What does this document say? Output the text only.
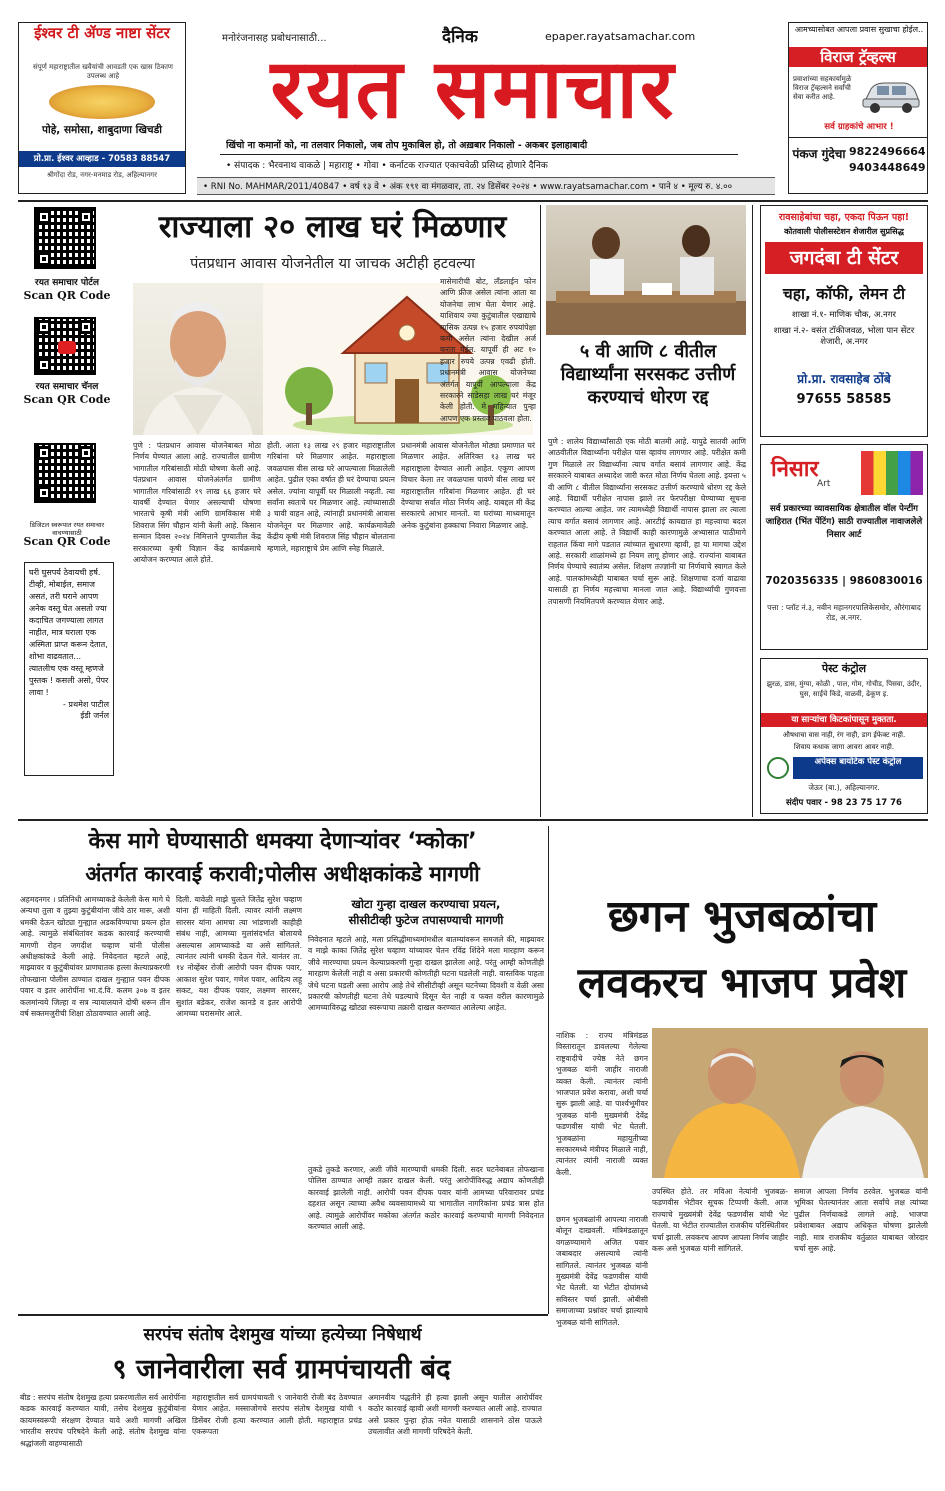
ईश्वर टी ॲण्ड नाष्टा सेंटर
संपूर्ण महाराष्ट्रातील खवैयांची आवडती एक खास ठिकाण उपलब्ध आहे
पोहे, समोसा, शाबुदाणा खिचडी
प्रो.प्रा. ईश्वर आव्हाड - 70583 88547
श्रीगोंदा रोड, नगर-मनमाड रोड, अहिल्यानगर
मनोरंजनासह प्रबोधनासाठी...	दैनिक	epaper.rayatsamachar.com
रयत समाचार
खिंचो ना कमानों को, ना तलवार निकालो, जब तोप मुकाबिल हो, तो अख़बार निकालो - अकबर इलाहाबादी
• संपादक : भैरवनाथ वाकळे | महाराष्ट्र • गोवा • कर्नाटक राज्यात एकाचवेळी प्रसिध्द होणारे दैनिक
• RNI No. MAHMAR/2011/40847 • वर्ष १३ वे • अंक १९१ वा मंगळवार, ता. २४ डिसेंबर २०२४ • www.rayatsamachar.com • पाने ४ • मूल्य रु. ४.००
आमच्यासोबत आपला प्रवास सुखाचा होईल..
विराज ट्रॅव्हल्स
प्रवाशांच्या सहकार्यामुळे विराज ट्रॅव्हल्सने सर्वांची सेवा करीत आहे.
सर्व ग्राहकांचे आभार !
पंकज गुंदेचा 9822496664
9403448649
रयत समाचार पोर्टल
Scan QR Code
रयत समाचार चॅनल
Scan QR Code
डिजिटल स्वरूपात रयत समाचार वाचण्यासाठी
Scan QR Code
घरी घुसपर्य ठेवायची हर्ष. टीव्ही, मोबाईल, समाज असतं, तरी घराने आपण अनेक वस्तू घेत असतो ज्या कदाचित जगण्याला लागत नाहीत, मात्र घराला एक अस्मिता प्राप्त करून देतात, शोभा वाढवतात... त्यातलीच एक वस्तू म्हणजे पुस्तक ! कसली असो, पेपर लावा !
- प्रथमेश पाटील
ईडी जर्नल
राज्याला २० लाख घरं मिळणार
पंतप्रधान आवास योजनेतील या जाचक अटीही हटवल्या
मासेमारीची बोट, लँडलाईन फोन आणि फ्रीज असेल त्यांना आता या योजनेचा लाभ घेता येणार आहे. याशिवाय ज्या कुटुंबातील एखाद्याचे मासिक उत्पन्न १५ हजार रुपयांपेक्षा कमी असेल त्यांना देखील अर्ज करता येईल. यापूर्वी ही अट १० हजार रुपये उत्पन्न एवढी होती. प्रधानमंत्री आवास योजनेच्या अंतर्गत यापूर्वी आपल्याला केंद्र सरकारने साडेसहा लाख घरं मंजूर केली होती. मे महिन्यात पुन्हा आपण एक प्रस्ताव पाठवला होता.
पुणे : पंतप्रधान आवास योजनेबाबत मोठा निर्णय घेण्यात आला आहे. राज्यातील ग्रामीण भागातील गरिबांसाठी मोठी घोषणा केली आहे. पंतप्रधान आवास योजनेअंतर्गत ग्रामीण भागातील गरिबांसाठी १९ लाख ६६ हजार घरे यावर्षी देण्यात येणार असल्याची घोषणा भारताचे कृषी मंत्री आणि ग्रामविकास मंत्री शिवराज सिंग चौहान यांनी केली आहे. किसान सन्मान दिवस २०२४ निमित्ताने पुण्यातील केंद्र सरकारच्या कृषी विज्ञान केंद्र कार्यक्रमाचे आयोजन करण्यात आले होते.
होती. आता १३ लाख २९ हजार महाराष्ट्रातील गरिबांना घरे मिळणार आहेत. महाराष्ट्राला जवळपास वीस लाख घरे आपल्याला मिळालेली आहेत. पुढील एका वर्षात ही घरं देण्याचा प्रयत्न असेल. ज्यांना यापूर्वी घर मिळाली नव्हती. त्या सर्वांना स्वतःचे घर मिळणार आहे. त्यांच्यासाठी ३ चावी वाहन आहे, त्यांनाही प्रधानमंत्री आवास योजनेतून घर मिळणार आहे. कार्यक्रमावेळी केंद्रीय कृषी मंत्री शिवराज सिंह चौहान बोलताना म्हणाले, महाराष्ट्राचे प्रेम आणि स्नेह मिळाले.
प्रधानमंत्री आवास योजनेतील मोठ्या प्रमाणात घरं मिळणार आहेत. अतिरिक्त १३ लाख घरं महाराष्ट्राला देण्यात आली आहेत. एकूण आपण विचार केला तर जवळपास पावणे वीस लाख घरं महाराष्ट्रातील गरिबांना मिळणार आहेत. ही घरं देण्याचा सर्वात मोठा निर्णय आहे. याबद्दल मी केंद्र सरकारचे आभार मानतो. या घरांच्या माध्यमातून अनेक कुटुंबांना हक्काचा निवारा मिळणार आहे.
५ वी आणि ८ वीतील विद्यार्थ्यांना सरसकट उत्तीर्ण करण्याचं धोरण रद्द
पुणे : शालेय विद्यार्थ्यांसाठी एक मोठी बातमी आहे. यापुढे सातवी आणि आठवीतील विद्यार्थ्यांना परीक्षेत पास व्हावंच लागणार आहे. परीक्षेत कमी गुण मिळाले तर विद्यार्थ्यांना त्याच वर्गात बसावं लागणार आहे. केंद्र सरकारने याबाबत अध्यादेश जारी करत मोठा निर्णय घेतला आहे. इयत्ता ५ वी आणि ८ वीतील विद्यार्थ्यांना सरसकट उत्तीर्ण करण्याचे धोरण रद्द केले आहे. विद्यार्थी परीक्षेत नापास झाले तर फेरपरीक्षा घेण्याच्या सूचना करण्यात आल्या आहेत. जर त्यामध्येही विद्यार्थी नापास झाला तर त्याला त्याच वर्गात बसावं लागणार आहे. आरटीई कायद्यात हा महत्त्वाचा बदल करण्यात आला आहे. ते विद्यार्थी काही कारणामुळे अभ्यासात पाठीमागे राहतात किंवा मागे पडतात त्यांच्यात सुधारणा व्हावी, हा या मागचा उद्देश आहे. सरकारी शाळांमध्ये हा नियम लागू होणार आहे. राज्यांना याबाबत निर्णय घेण्याचे स्वातंत्र्य असेल. शिक्षण तज्ज्ञांनी या निर्णयाचे स्वागत केले आहे. पालकांमध्येही याबाबत चर्चा सुरू आहे. शिक्षणाचा दर्जा वाढावा यासाठी हा निर्णय महत्त्वाचा मानला जात आहे. विद्यार्थ्यांची गुणवत्ता तपासणी नियमितपणे करण्यात येणार आहे.
रावसाहेबांचा चहा, एकदा पिऊन पहा!
कोतवाली पोलीसस्टेशन शेजारील सुप्रसिद्ध
जगदंबा टी सेंटर
चहा, कॉफी, लेमन टी
शाखा नं.१- माणिक चौक, अ.नगर
शाखा नं.२- वसंत टॉकीजवळ, भोला पान सेंटर शेजारी, अ.नगर
प्रो.प्रा. रावसाहेब ठोंबे
97655 58585
निसार
Art
सर्व प्रकारच्या व्यावसायिक क्षेत्रातील वॉल पेन्टींग जाहिरात (भिंत पेंटिंग) साठी राज्यातील नावाजलेले निसार आर्ट
7020356335 | 9860830016
पत्ता : प्लॉट नं.३, नवीन महानगरपालिकेसमोर, औरंगाबाद रोड, अ.नगर.
पेस्ट कंट्रोल
झुरळ, डास, मुंग्या, कोळी , पाल, गोम, गोचीड, पिसवा, उंदीर, घुस, साईंचे किडे, वाळवी, ढेकूण इ.
या सार्‍यांचा किटकांपासून मुक्तता.
औषधाचा वास नाही, रंग नाही, डाग ईफेक्ट नाही.
शिवाय कधाक जागा आवरा आवर नाही.
अपेक्स बायोटेक पेस्ट कंट्रोल
जेऊर (बा.), अहिल्यानगर.
संदीप पवार - 98 23 75 17 76
केस मागे घेण्यासाठी धमक्या देणाऱ्यांवर ‘म्कोका’
अंतर्गत कारवाई करावी;पोलीस अधीक्षकांकडे मागणी
अहमदनगर । प्रतिनिधी आमच्याकडे केलेली केस मागे घे अन्यथा तुला व तुझ्या कुटुंबीयांना जीवे ठार मारू, अशी धमकी देऊन खोट्या गुन्ह्यात अडकविण्याचा प्रयत्न होत आहे. त्यामुळे संबंधितांवर कडक कारवाई करण्याची मागणी रोहन जगदीश चव्हाण यांनी पोलीस अधीक्षकांकडे केली आहे. निवेदनात म्हटले आहे, माझ्यावर व कुटुंबीयांवर प्राणघातक हल्ला केल्याप्रकरणी तोफखाना पोलीस ठाण्यात दाखल गुन्ह्यात पवन दीपक पवार व इतर आरोपींना भा.दं.वि. कलम ३०७ व इतर कलमांन्वये जिल्हा व सत्र न्यायालयाने दोषी धरून तीन वर्ष सक्तमजुरीची शिक्षा ठोठावण्यात आली आहे.
दिली. यावेळी माझे चुलते जितेंद्र सुरेश चव्हाण यांना ही माहिती दिली. त्यावर त्यांनी लक्ष्मण सारसर यांना आमचा त्या भांडणाशी काहीही संबंध नाही, आमच्या मुलांसंदर्भात बोलायचे असल्यास आमच्याकडे या असे सांगितले. त्यानंतर त्यांनी धमकी देऊन गेले. यानंतर ता. १४ नोव्हेंबर रोजी आरोपी पवन दीपक पवार, आकाश सुरेश पवार, गणेश पवार, आदित्य लहू सकट, यश दीपक पवार, लक्ष्मण सारसर, सुशांत बडेकर, राजेश कानडे व इतर आरोपी आमच्या घरासमोर आले.
खोटा गुन्हा दाखल करण्याचा प्रयत्न,
सीसीटीव्ही फुटेज तपासण्याची मागणी
निवेदनात म्हटले आहे, मला प्रसिद्धीमाध्यमांमधील बातम्यांवरून समजले की, माझ्यावर व माझे काका जितेंद्र सुरेश चव्हाण यांच्यावर चेतन रविंद्र शिंदेने मला मारहाण करून जीवे मारण्याचा प्रयत्न केल्याप्रकरणी गुन्हा दाखल झालेला आहे. परंतु आम्ही कोणतीही मारहाण केलेली नाही व असा प्रकारची कोणतीही घटना घडलेली नाही. वास्तविक पाहता जेथे घटना घडली असा आरोप आहे तेथे सीसीटीव्ही असून घटनेच्या दिवशी व वेळी असा प्रकारची कोणतीही घटना तेथे घडल्याचे दिसून येत नाही व फक्त वरील कारणामुळे आमच्याविरुद्ध खोट्या स्वरूपाचा तक्रारी दाखल करण्यात आलेल्या आहेत.
तुकडे तुकडे करणार, अशी जीवे मारण्याची धमकी दिली. सदर घटनेबाबत तोफखाना पोलिस ठाण्यात आम्ही तक्रार दाखल केली. परंतु आरोपींविरुद्ध अद्याप कोणतीही कारवाई झालेली नाही. आरोपी पवन दीपक पवार यांनी आमच्या परिवारावर प्रचंड दहशत असून त्याच्या अवैध व्यवसायामध्ये या भागातील नागरिकांना प्रचंड त्रास होत आहे. त्यामुळे आरोपींवर मकोका अंतर्गत कठोर कारवाई करण्याची मागणी निवेदनात करण्यात आली आहे.
छगन भुजबळांचा
लवकरच भाजप प्रवेश
नाशिक : राज्य मंत्रिमंडळ विस्तारातून डावलल्या गेलेल्या राष्ट्रवादीचे ज्येष्ठ नेते छगन भुजबळ यांनी जाहीर नाराजी व्यक्त केली. त्यानंतर त्यांनी भाजपात प्रवेश करावा, अशी चर्चा सुरू झाली आहे. या पार्श्वभूमीवर भुजबळ यांनी मुख्यमंत्री देवेंद्र फडणवीस यांची भेट घेतली. भुजबळांना महायुतीच्या सरकारमध्ये मंत्रीपद मिळाले नाही, त्यानंतर त्यांनी नाराजी व्यक्त केली.
छगन भुजबळांनी आपल्या नाराजी बोलून दाखवली. मंत्रिमंडळातून वगळण्यामागे अजित पवार जबाबदार असल्याचे त्यांनी सांगितले. त्यानंतर भुजबळ यांनी मुख्यमंत्री देवेंद्र फडणवीस यांची भेट घेतली. या भेटीत दोघांमध्ये सविस्तर चर्चा झाली. ओबीसी समाजाच्या प्रश्नांवर चर्चा झाल्याचे भुजबळ यांनी सांगितले.
उपस्थित होते. तर मविआ नेत्यांनी भुजबळ-फडणवीस भेटीवर सूचक टिप्पणी केली. आज राज्याचे मुख्यमंत्री देवेंद्र फडणवीस यांची भेट घेतली. या भेटीत राज्यातील राजकीय परिस्थितीवर चर्चा झाली. लवकरच आपण आपला निर्णय जाहीर करू असे भुजबळ यांनी सांगितले.
समाज आपला निर्णय ठरवेल. भुजबळ यांनी भूमिका घेतल्यानंतर आता सर्वांचे लक्ष त्यांच्या पुढील निर्णयाकडे लागले आहे. भाजपा प्रवेशाबाबत अद्याप अधिकृत घोषणा झालेली नाही. मात्र राजकीय वर्तुळात याबाबत जोरदार चर्चा सुरू आहे.
सरपंच संतोष देशमुख यांच्या हत्येच्या निषेधार्थ
९ जानेवारीला सर्व ग्रामपंचायती बंद
बीड : सरपंच संतोष देशमुख हत्या प्रकरणातील सर्व आरोपींना कडक कारवाई करण्यात यावी, तसेच देशमुख कुटुंबीयांना कायमस्वरूपी संरक्षण देण्यात यावे अशी मागणी अखिल भारतीय सरपंच परिषदेने केली आहे. संतोष देशमुख यांना श्रद्धांजली वाहण्यासाठी
महाराष्ट्रातील सर्व ग्रामपंचायती ९ जानेवारी रोजी बंद ठेवण्यात येणार आहेत. मस्साजोगचे सरपंच संतोष देशमुख यांची ९ डिसेंबर रोजी हत्या करण्यात आली होती. महाराष्ट्रात प्रचंड एकरूपता
अमानवीय पद्धतीने ही हत्या झाली असून यातील आरोपींवर कठोर कारवाई व्हावी अशी मागणी करण्यात आली आहे. राज्यात असे प्रकार पुन्हा होऊ नयेत यासाठी शासनाने ठोस पाऊले उचलावीत अशी मागणी परिषदेने केली.
